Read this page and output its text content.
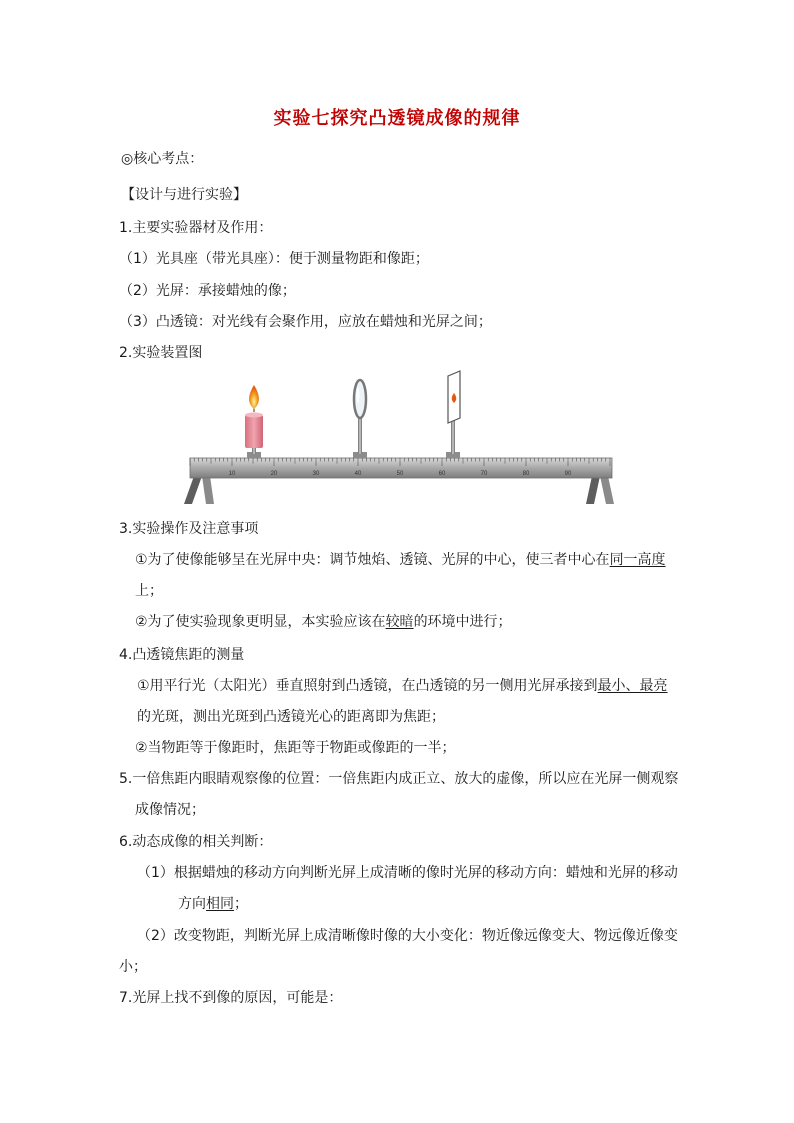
实验七探究凸透镜成像的规律
◎核心考点：
【设计与进行实验】
1.主要实验器材及作用：
（1）光具座（带光具座）：便于测量物距和像距；
（2）光屏：承接蜡烛的像；
（3）凸透镜：对光线有会聚作用，应放在蜡烛和光屏之间；
2.实验装置图
10	20	30	40	50	60	70	80	90
3.实验操作及注意事项
①为了使像能够呈在光屏中央：调节烛焰、透镜、光屏的中心，使三者中心在同一高度
上；
②为了使实验现象更明显，本实验应该在较暗的环境中进行；
4.凸透镜焦距的测量
①用平行光（太阳光）垂直照射到凸透镜，在凸透镜的另一侧用光屏承接到最小、最亮
的光斑，测出光斑到凸透镜光心的距离即为焦距；
②当物距等于像距时，焦距等于物距或像距的一半；
5.一倍焦距内眼睛观察像的位置：一倍焦距内成正立、放大的虚像，所以应在光屏一侧观察
成像情况；
6.动态成像的相关判断：
（1）根据蜡烛的移动方向判断光屏上成清晰的像时光屏的移动方向：蜡烛和光屏的移动
方向相同；
（2）改变物距，判断光屏上成清晰像时像的大小变化：物近像远像变大、物远像近像变
小；
7.光屏上找不到像的原因，可能是：
